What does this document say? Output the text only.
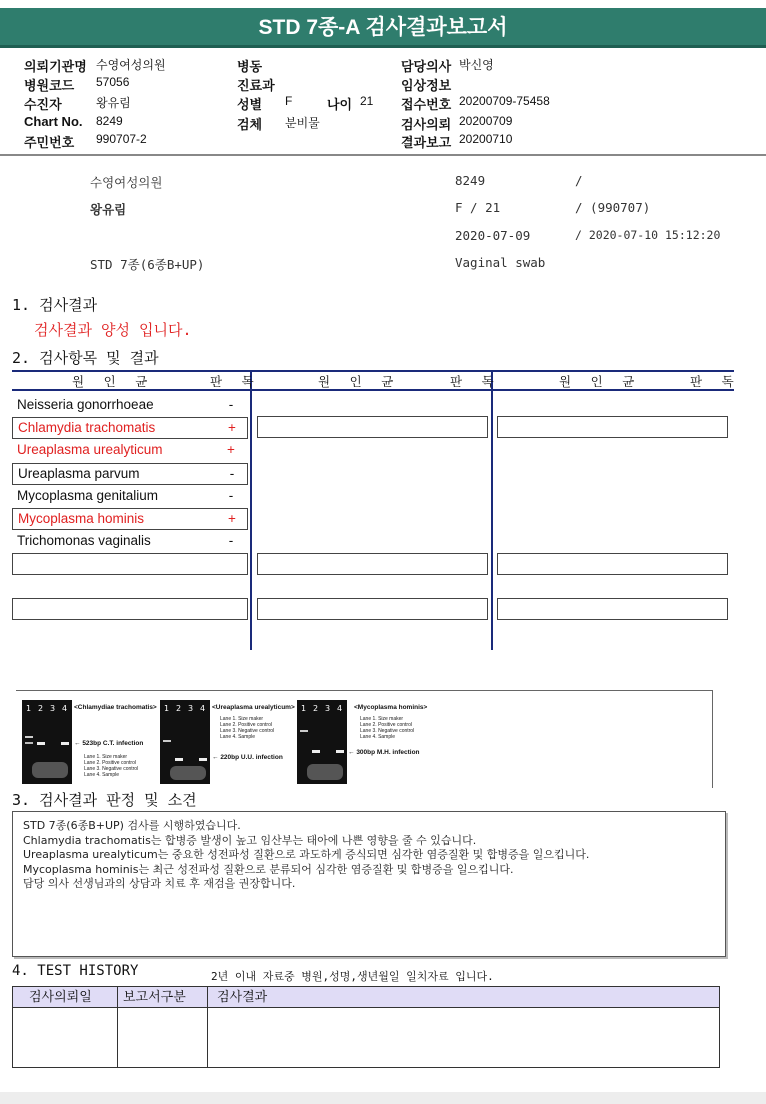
STD 7종-A 검사결과보고서
의뢰기관명 수영여성의원
병원코드 57056
수진자	왕유림
Chart No. 8249
주민번호 990707-2
병동
진료과
성별 F	나이 21
검체 분비물
담당의사 박신영
임상정보
접수번호 20200709-75458
검사의뢰 20200709
결과보고 20200710
수영여성의원	8249	/
왕유림	F / 21	/ (990707)
2020-07-09	/ 2020-07-10 15:12:20
STD 7종(6종B+UP)	Vaginal swab
1. 검사결과
검사결과 양성 입니다.
2. 검사항목 및 결과
원 인 균	판 독	원 인 균	판 독	원 인 균	판 독
Neisseria gonorrhoeae	-
Chlamydia trachomatis	+
Ureaplasma urealyticum	+
Ureaplasma parvum	-
Mycoplasma genitalium	-
Mycoplasma hominis	+
Trichomonas vaginalis	-
1 2 3 4 <Chlamydiae trachomatis>
← 523bp C.T. infection
Lane 1. Size maker
Lane 2. Positive control
Lane 3. Negative control
Lane 4. Sample
1 2 3 4 <Ureaplasma urealyticum>
Lane 1. Size maker
Lane 2. Positive control
Lane 3. Negative control
Lane 4. Sample
← 220bp U.U. infection
1 2 3 4 <Mycoplasma hominis>
Lane 1. Size maker
Lane 2. Positive control
Lane 3. Negative control
Lane 4. Sample
← 300bp M.H. infection
3. 검사결과 판정 및 소견
STD 7종(6종B+UP) 검사를 시행하였습니다.
Chlamydia trachomatis는 합병증 발생이 높고 임산부는 태아에 나쁜 영향을 줄 수 있습니다.
Ureaplasma urealyticum는 중요한 성전파성 질환으로 과도하게 증식되면 심각한 염증질환 및 합병증을 일으킵니다.
Mycoplasma hominis는 최근 성전파성 질환으로 분류되어 심각한 염증질환 및 합병증을 일으킵니다.
담당 의사 선생님과의 상담과 치료 후 재검을 권장합니다.
4. TEST HISTORY	2년 이내 자료중 병원,성명,생년월일 일치자료 입니다.
검사의뢰일 보고서구분 검사결과
